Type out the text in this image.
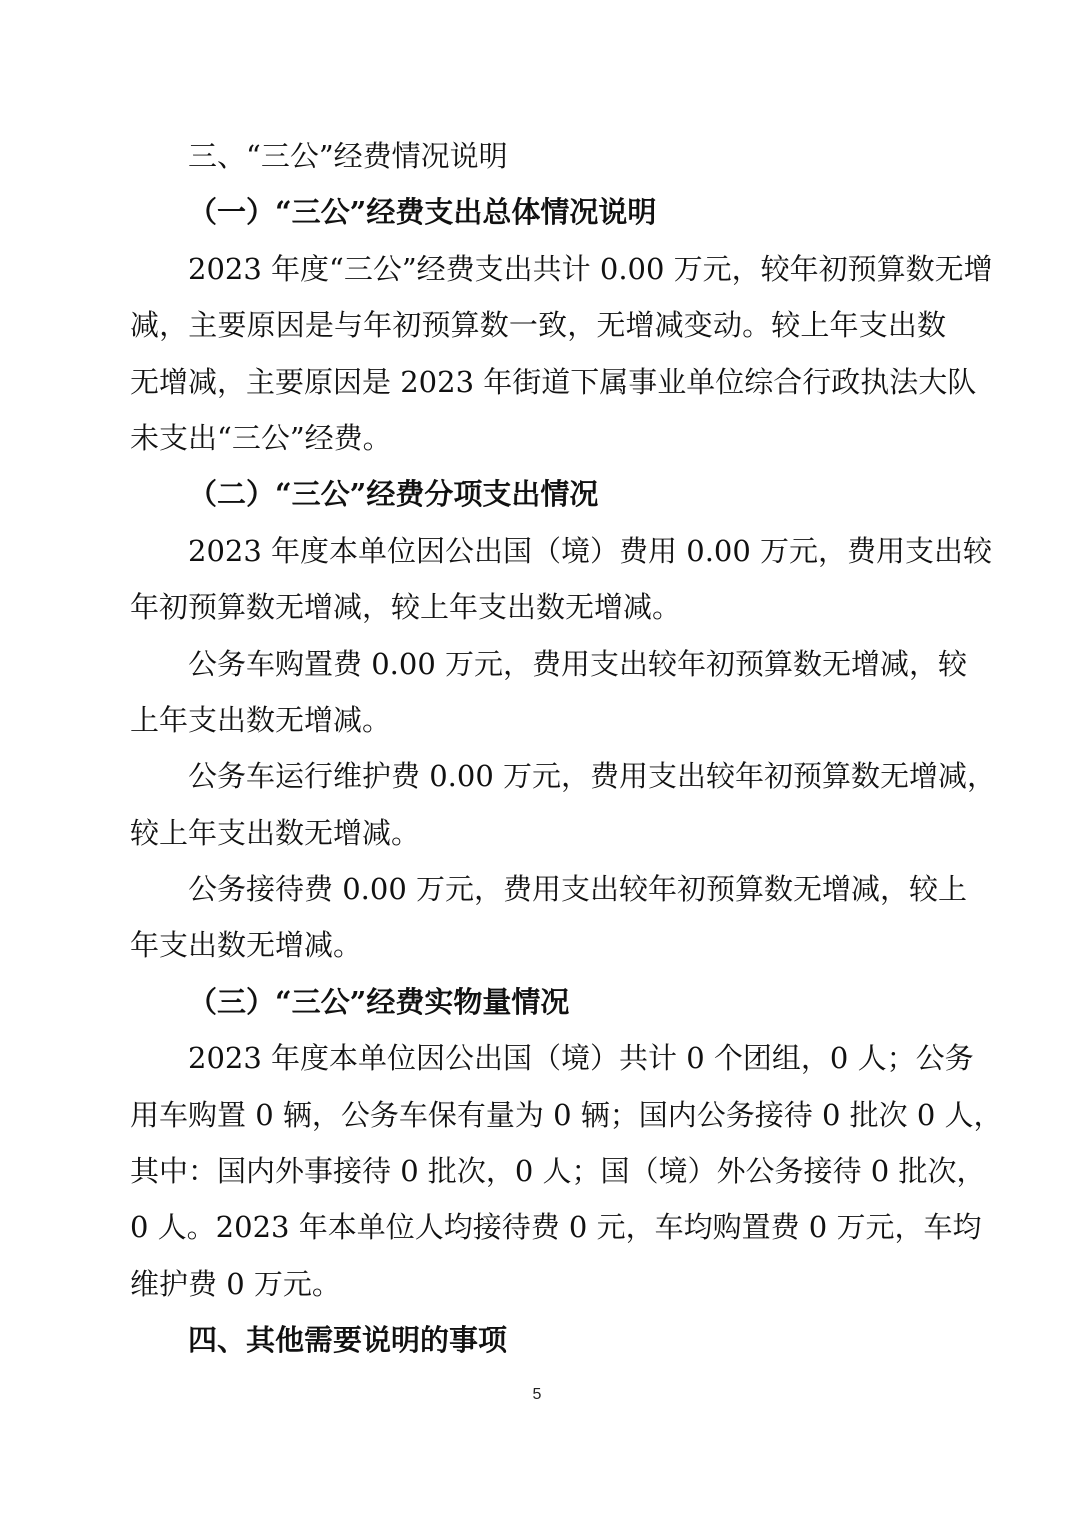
三、“三公”经费情况说明
（一）“三公”经费支出总体情况说明
2023 年度“三公”经费支出共计 0.00 万元，较年初预算数无增
减，主要原因是与年初预算数一致，无增减变动。较上年支出数
无增减，主要原因是 2023 年街道下属事业单位综合行政执法大队
未支出“三公”经费。
（二）“三公”经费分项支出情况
2023 年度本单位因公出国（境）费用 0.00 万元，费用支出较
年初预算数无增减，较上年支出数无增减。
公务车购置费 0.00 万元，费用支出较年初预算数无增减，较
上年支出数无增减。
公务车运行维护费 0.00 万元，费用支出较年初预算数无增减，
较上年支出数无增减。
公务接待费 0.00 万元，费用支出较年初预算数无增减，较上
年支出数无增减。
（三）“三公”经费实物量情况
2023 年度本单位因公出国（境）共计 0 个团组，0 人；公务
用车购置 0 辆，公务车保有量为 0 辆；国内公务接待 0 批次 0 人，
其中：国内外事接待 0 批次，0 人；国（境）外公务接待 0 批次，
0 人。2023 年本单位人均接待费 0 元，车均购置费 0 万元，车均
维护费 0 万元。
四、其他需要说明的事项
5
